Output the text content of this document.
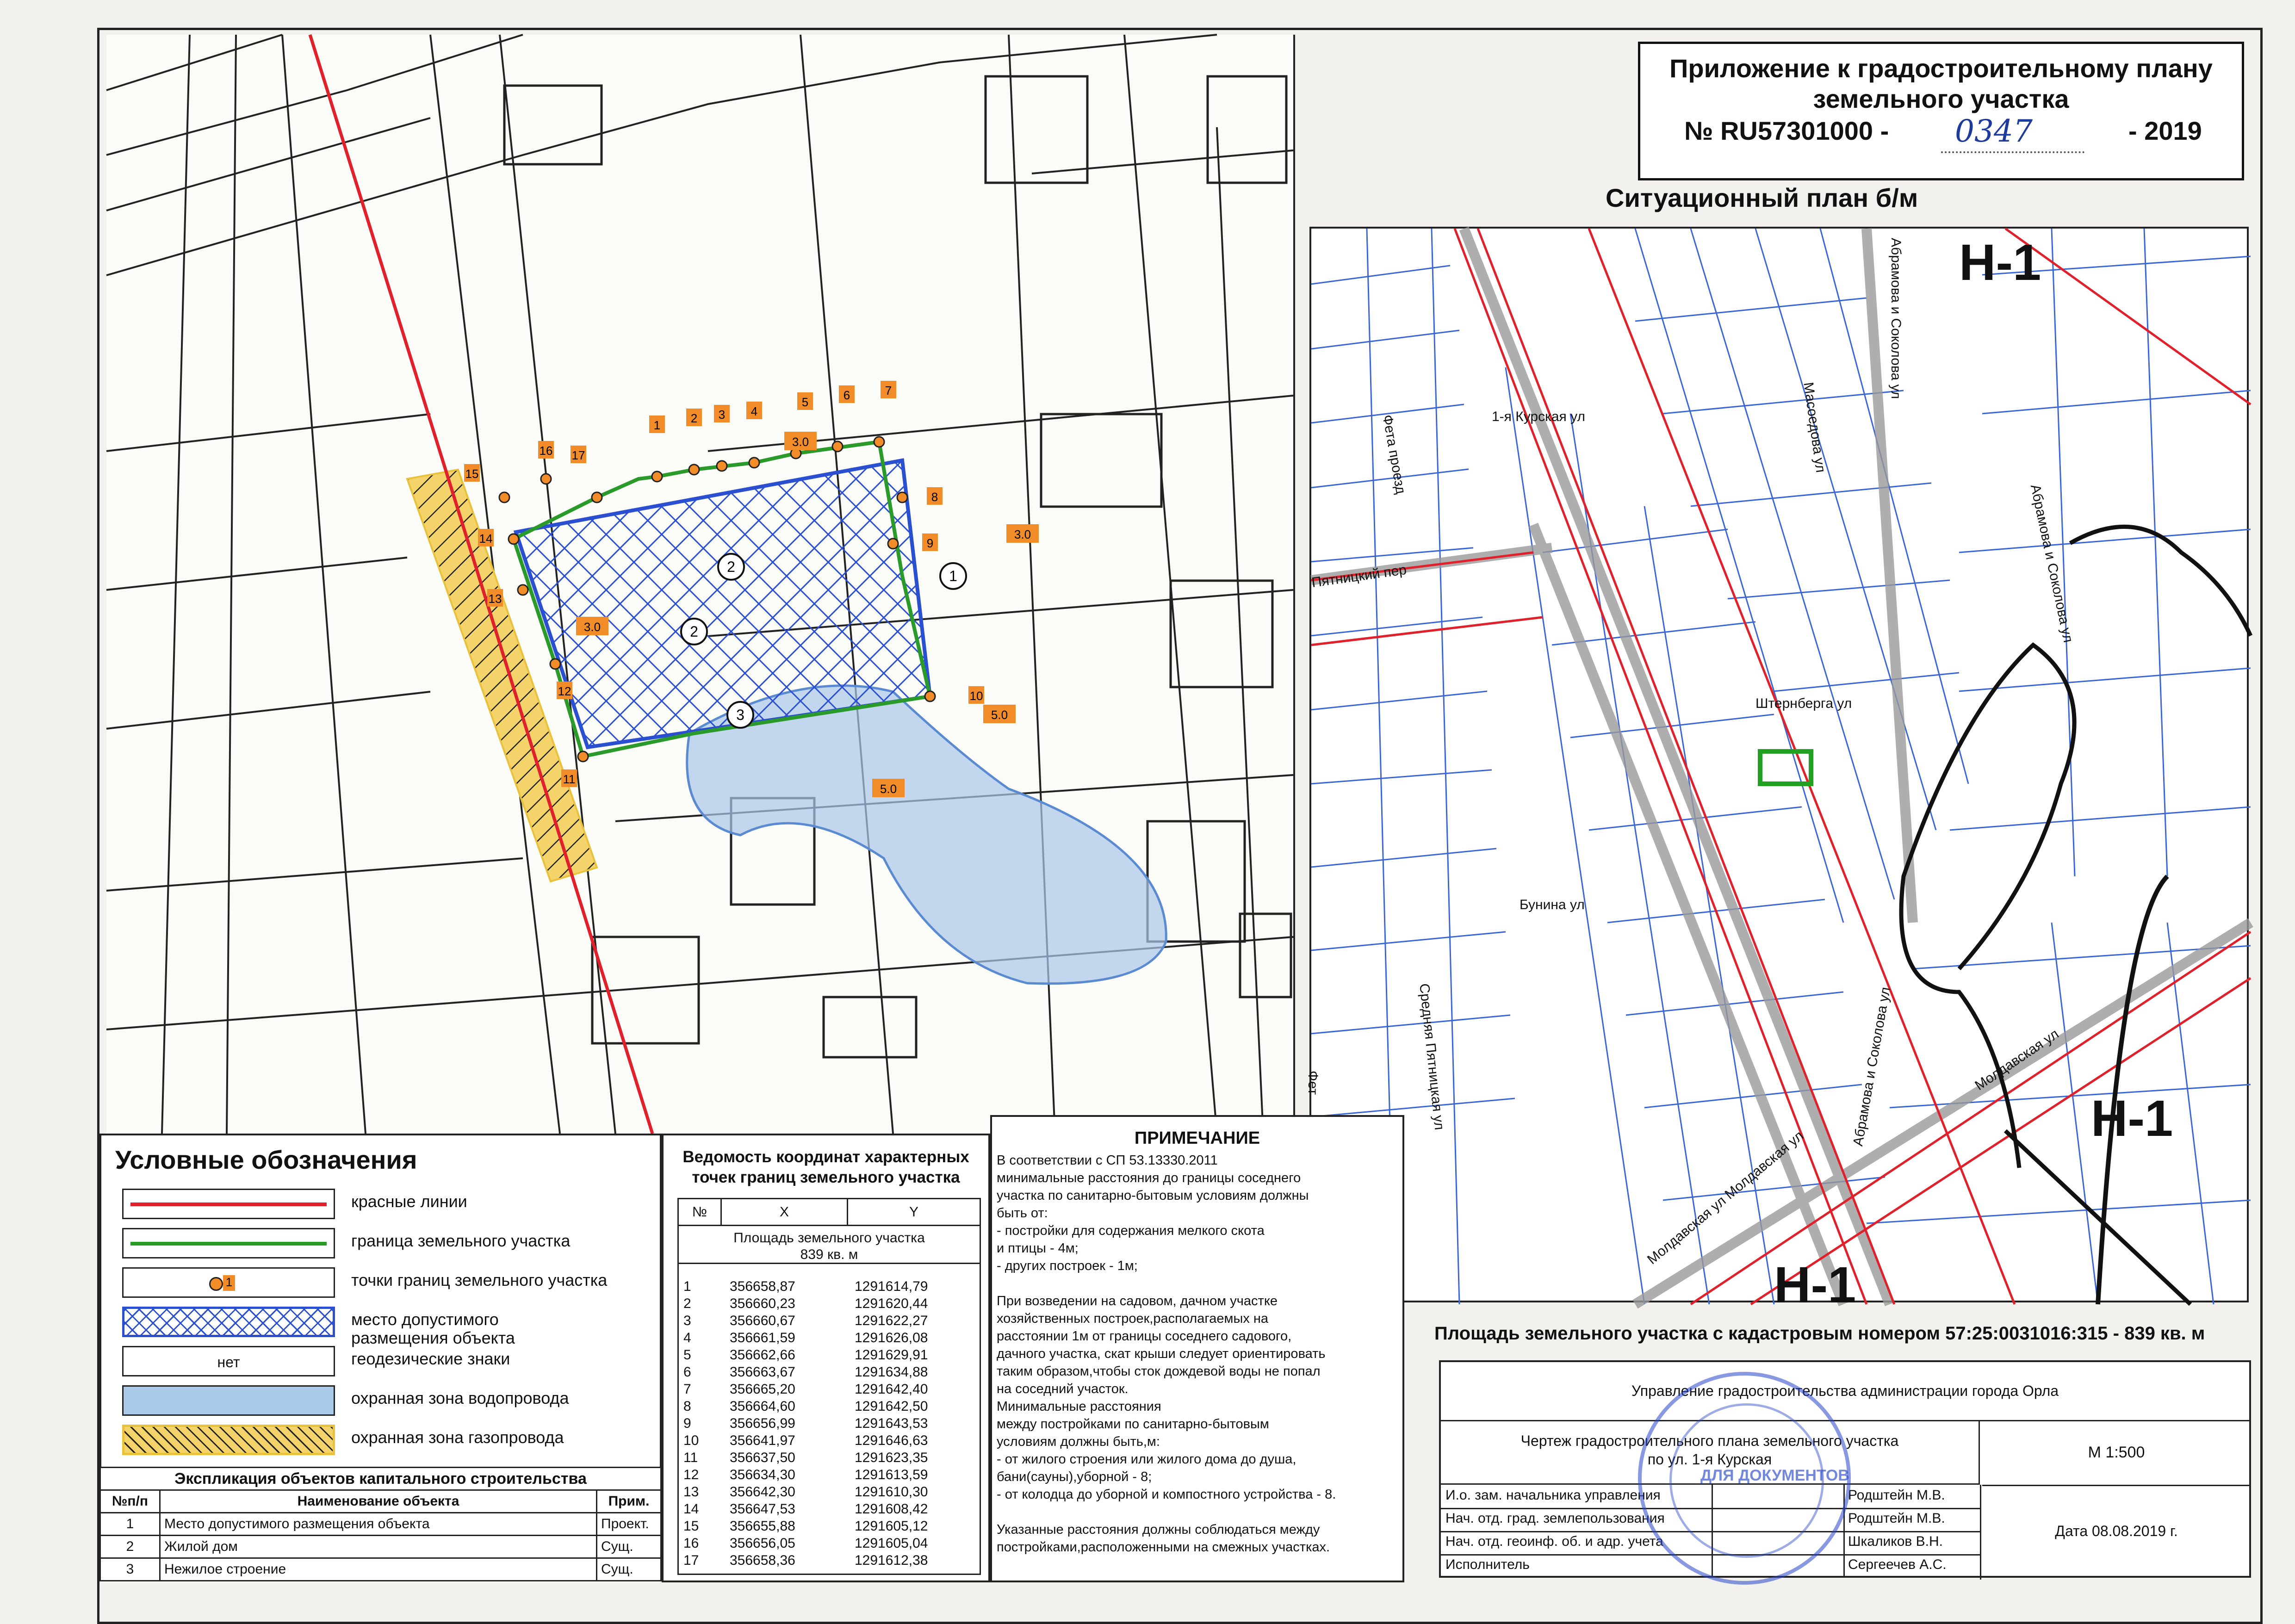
1	2 3 4
5	6	7
8
9
10
11
12
13
14
15
16 17
3.0
3.0
3.0
5.0
5.0
1
2
2
3
Приложение к градостроительному плану
земельного участка
№ RU57301000 - 0347	- 2019
Ситуационный план б/м
Н-1
Н-1
Н-1
1-я Курская ул
Фета проезд
Пятницкий пер
Масоедова ул
Абрамова и Соколова ул
Абрамова и Соколова ул
Штернберга ул
Бунина ул
Средняя Пятницкая ул	Молдавская ул
Молдавская ул Молдавская ул
Абрамова и Соколова ул
Фет
Условные обозначения
красные линии
граница земельного участка
1	точки границ земельного участка
место допустимого
размещения объекта
нет	геодезические знаки
охранная зона водопровода
охранная зона газопровода
Экспликация объектов капитального строительства		
№п/п	Наименование объекта	Прим.
1	Место допустимого размещения объекта	Проект.
2	Жилой дом	Сущ.
3	Нежилое строение	Сущ.
Ведомость координат характерных точек границ земельного участка
№	X	Y
Площадь земельного участка
839 кв. м
1	356658,87	1291614,79
2	356660,23	1291620,44
3	356660,67	1291622,27
4	356661,59	1291626,08
5	356662,66	1291629,91
6	356663,67	1291634,88
7	356665,20	1291642,40
8	356664,60	1291642,50
9	356656,99	1291643,53
10	356641,97	1291646,63
11	356637,50	1291623,35
12	356634,30	1291613,59
13	356642,30	1291610,30
14	356647,53	1291608,42
15	356655,88	1291605,12
16	356656,05	1291605,04
17	356658,36	1291612,38
ПРИМЕЧАНИЕ
В соответствии с СП 53.13330.2011
минимальные расстояния до границы соседнего
участка по санитарно-бытовым условиям должны
быть от:
- постройки для содержания мелкого скота
и птицы - 4м;
- других построек - 1м;

При возведении на садовом, дачном участке
хозяйственных построек,располагаемых на
расстоянии 1м от границы соседнего садового,
дачного участка, скат крыши следует ориентировать
таким образом,чтобы сток дождевой воды не попал
на соседний участок.
Минимальные расстояния
между постройками по санитарно-бытовым
условиям должны быть,м:
- от жилого строения или жилого дома до душа,
бани(сауны),уборной - 8;
- от колодца до уборной и компостного устройства - 8.

Указанные расстояния должны соблюдаться между
постройками,расположенными на смежных участках.
Площадь земельного участка с кадастровым номером 57:25:0031016:315 - 839 кв. м
Управление градостроительства администрации города Орла
Чертеж градостроительного плана земельного участка
по ул. 1-я Курская	М 1:500
И.о. зам. начальника управления	Родштейн М.В.
Нач. отд. град. землепользования	Родштейн М.В.
Нач. отд. геоинф. об. и адр. учета	Шкаликов В.Н.
Исполнитель	Сергеечев А.С.
Дата 08.08.2019 г.
ДЛЯ ДОКУМЕНТОВ
